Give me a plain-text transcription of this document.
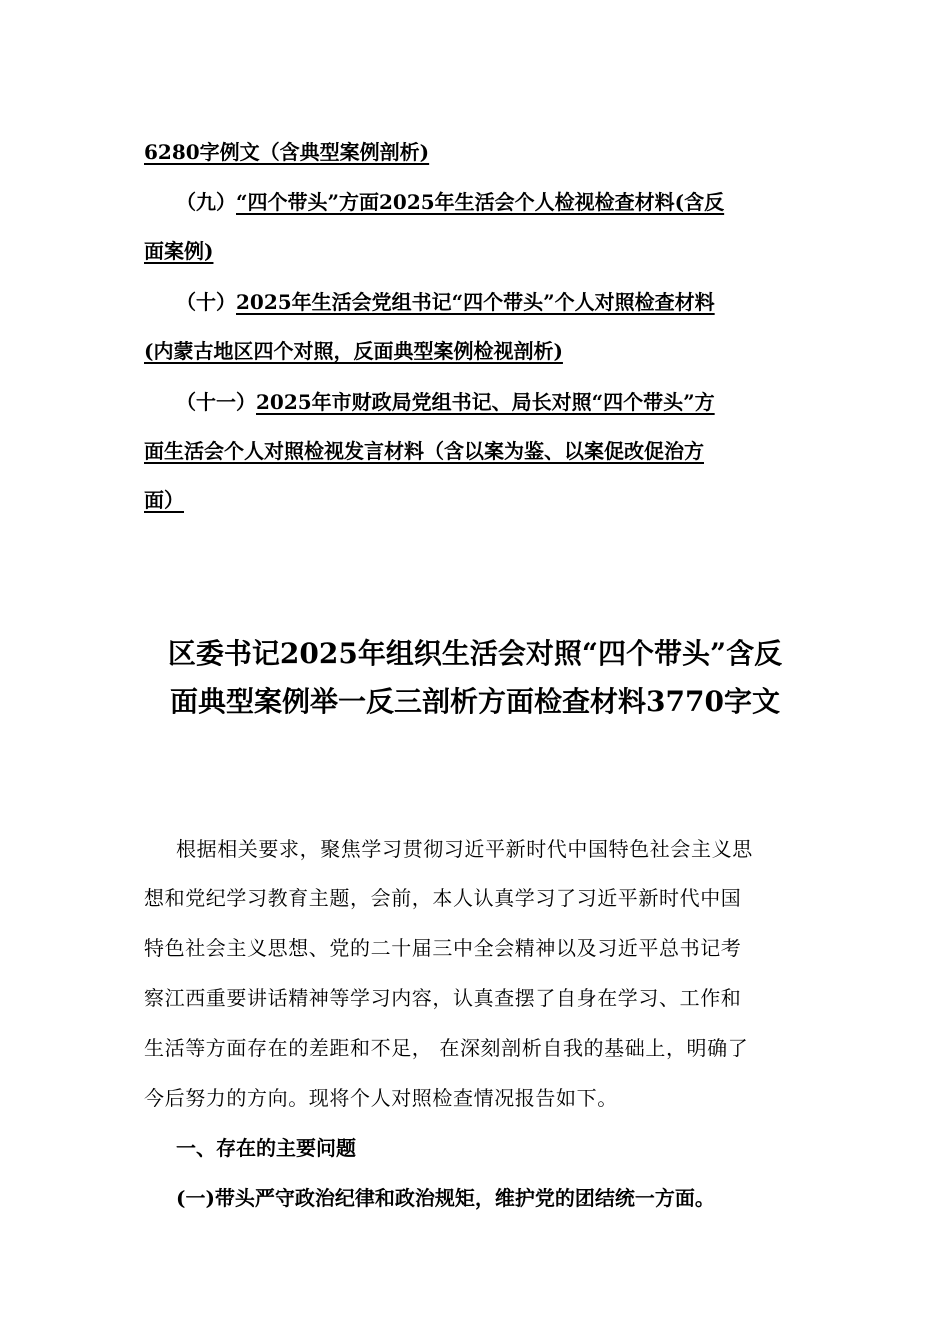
6280字例文（含典型案例剖析)
（九）“四个带头”方面2025年生活会个人检视检查材料(含反
面案例)
（十）2025年生活会党组书记“四个带头”个人对照检查材料
(内蒙古地区四个对照，反面典型案例检视剖析)
（十一）2025年市财政局党组书记、局长对照“四个带头”方
面生活会个人对照检视发言材料（含以案为鉴、以案促改促治方
面）
区委书记2025年组织生活会对照“四个带头”含反
面典型案例举一反三剖析方面检查材料3770字文
根据相关要求，聚焦学习贯彻习近平新时代中国特色社会主义思
想和党纪学习教育主题，会前，本人认真学习了习近平新时代中国
特色社会主义思想、党的二十届三中全会精神以及习近平总书记考
察江西重要讲话精神等学习内容，认真查摆了自身在学习、工作和
生活等方面存在的差距和不足， 在深刻剖析自我的基础上，明确了
今后努力的方向。现将个人对照检查情况报告如下。
一、存在的主要问题
(一)带头严守政治纪律和政治规矩，维护党的团结统一方面。
